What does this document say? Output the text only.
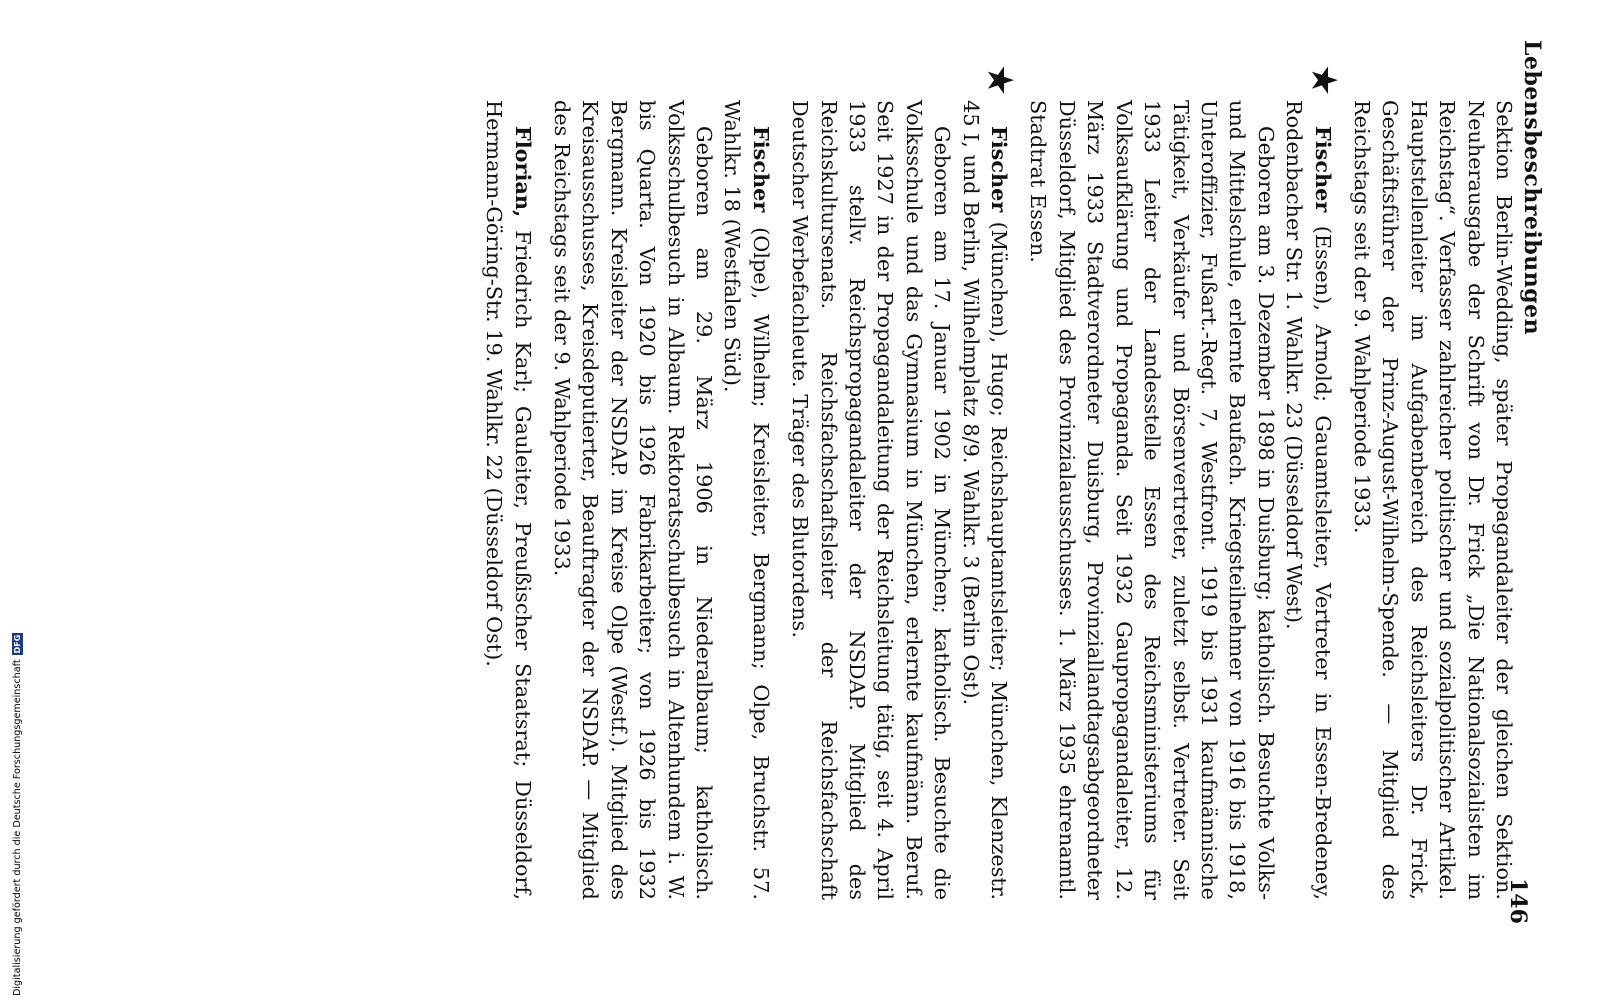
Lebensbeschreibungen
146

Sektion Berlin-Wedding, später Propagandaleiter der gleichen Sektion. Neuherausgabe der Schrift von Dr. Frick „Die Nationalsozialisten im Reichstag“. Verfasser zahlreicher politischer und sozialpolitischer Artikel. Hauptstellenleiter im Aufgabenbereich des Reichsleiters Dr. Frick, Geschäftsführer der Prinz-August-Wilhelm-Spende. — Mitglied des Reichstags seit der 9. Wahlperiode 1933.

★

Fischer (Essen), Arnold; Gauamtsleiter, Vertreter in Essen-Bredeney, Rodenbacher Str. 1. Wahlkr. 23 (Düsseldorf West).

Geboren am 3. Dezember 1898 in Duisburg; katholisch. Besuchte Volks- und Mittelschule, erlernte Baufach. Kriegsteilnehmer von 1916 bis 1918, Unteroffizier, Fußart.-Regt. 7, Westfront. 1919 bis 1931 kaufmännische Tätigkeit, Verkäufer und Börsenvertreter, zuletzt selbst. Vertreter. Seit 1933 Leiter der Landesstelle Essen des Reichsministeriums für Volksaufklärung und Propaganda. Seit 1932 Gaupropagandaleiter, 12. März 1933 Stadtverordneter Duisburg, Provinziallandtagsabgeordneter Düsseldorf, Mitglied des Provinzialausschusses. 1. März 1935 ehrenamtl. Stadtrat Essen.

★

Fischer (München), Hugo; Reichshauptamtsleiter; München, Klenzestr. 45 I, und Berlin, Wilhelmplatz 8/9. Wahlkr. 3 (Berlin Ost).

Geboren am 17. Januar 1902 in München; katholisch. Besuchte die Volksschule und das Gymnasium in München, erlernte kaufmänn. Beruf. Seit 1927 in der Propagandaleitung der Reichsleitung tätig, seit 4. April 1933 stellv. Reichspropagandaleiter der NSDAP. Mitglied des Reichskultursenats. Reichsfachschaftsleiter der Reichsfachschaft Deutscher Werbefachleute. Träger des Blutordens.

Fischer (Olpe), Wilhelm; Kreisleiter, Bergmann; Olpe, Bruchstr. 57. Wahlkr. 18 (Westfalen Süd).

Geboren am 29. März 1906 in Niederalbaum; katholisch. Volksschulbesuch in Albaum. Rektoratsschulbesuch in Altenhundem i. W. bis Quarta. Von 1920 bis 1926 Fabrikarbeiter; von 1926 bis 1932 Bergmann. Kreisleiter der NSDAP. im Kreise Olpe (Westf.). Mitglied des Kreisausschusses, Kreisdeputierter, Beauftragter der NSDAP. — Mitglied des Reichstags seit der 9. Wahlperiode 1933.

Florian, Friedrich Karl; Gauleiter, Preußischer Staatsrat; Düsseldorf, Hermann-Göring-Str. 19. Wahlkr. 22 (Düsseldorf Ost).

Digitalisierung gefördert durch die Deutsche ForschungsgemeinschaftDFG
